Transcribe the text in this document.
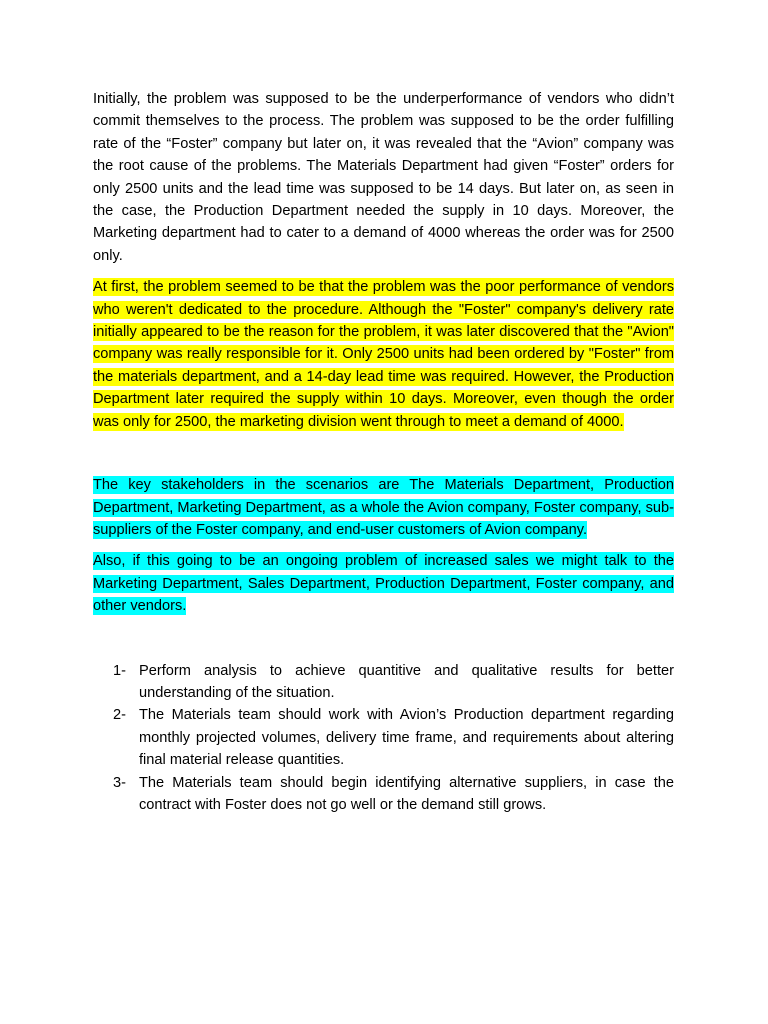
Initially, the problem was supposed to be the underperformance of vendors who didn’t commit themselves to the process. The problem was supposed to be the order fulfilling rate of the “Foster” company but later on, it was revealed that the “Avion” company was the root cause of the problems. The Materials Department had given “Foster” orders for only 2500 units and the lead time was supposed to be 14 days. But later on, as seen in the case, the Production Department needed the supply in 10 days. Moreover, the Marketing department had to cater to a demand of 4000 whereas the order was for 2500 only.

At first, the problem seemed to be that the problem was the poor performance of vendors who weren't dedicated to the procedure. Although the "Foster" company's delivery rate initially appeared to be the reason for the problem, it was later discovered that the "Avion" company was really responsible for it. Only 2500 units had been ordered by "Foster" from the materials department, and a 14-day lead time was required. However, the Production Department later required the supply within 10 days. Moreover, even though the order was only for 2500, the marketing division went through to meet a demand of 4000.

The key stakeholders in the scenarios are The Materials Department, Production Department, Marketing Department, as a whole the Avion company, Foster company, sub-suppliers of the Foster company, and end-user customers of Avion company.

Also, if this going to be an ongoing problem of increased sales we might talk to the Marketing Department, Sales Department, Production Department, Foster company, and other vendors.

1- Perform analysis to achieve quantitive and qualitative results for better understanding of the situation.
2- The Materials team should work with Avion’s Production department regarding monthly projected volumes, delivery time frame, and requirements about altering final material release quantities.
3- The Materials team should begin identifying alternative suppliers, in case the contract with Foster does not go well or the demand still grows.
